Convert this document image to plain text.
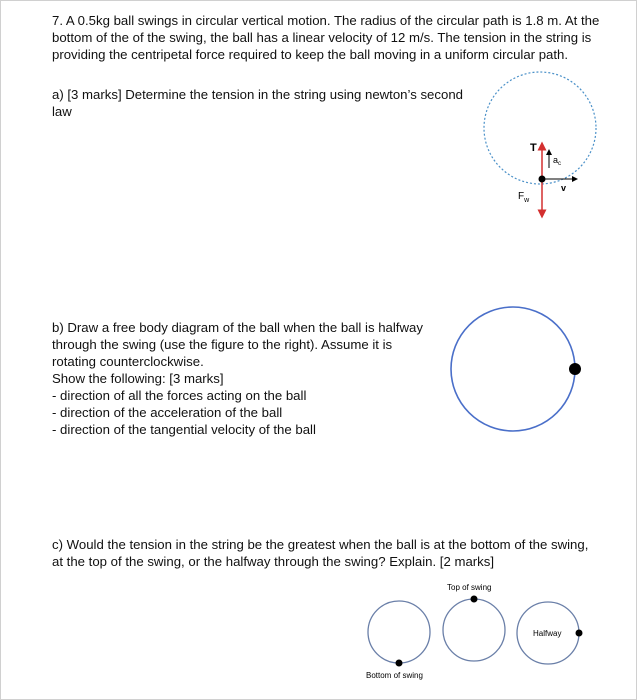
7. A 0.5kg ball swings in circular vertical motion. The radius of the circular path is 1.8 m. At the
bottom of the of the swing, the ball has a linear velocity of 12 m/s. The tension in the string is
providing the centripetal force required to keep the ball moving in a uniform circular path.
a) [3 marks] Determine the tension in the string using newton’s second
law
b) Draw a free body diagram of the ball when the ball is halfway
through the swing (use the figure to the right). Assume it is
rotating counterclockwise.
Show the following: [3 marks]
- direction of all the forces acting on the ball
- direction of the acceleration of the ball
- direction of the tangential velocity of the ball
c) Would the tension in the string be the greatest when the ball is at the bottom of the swing,
at the top of the swing, or the halfway through the swing? Explain. [2 marks]
T
$a_c$
v
$F_w$
Top of swing
Bottom of swing
Halfway
